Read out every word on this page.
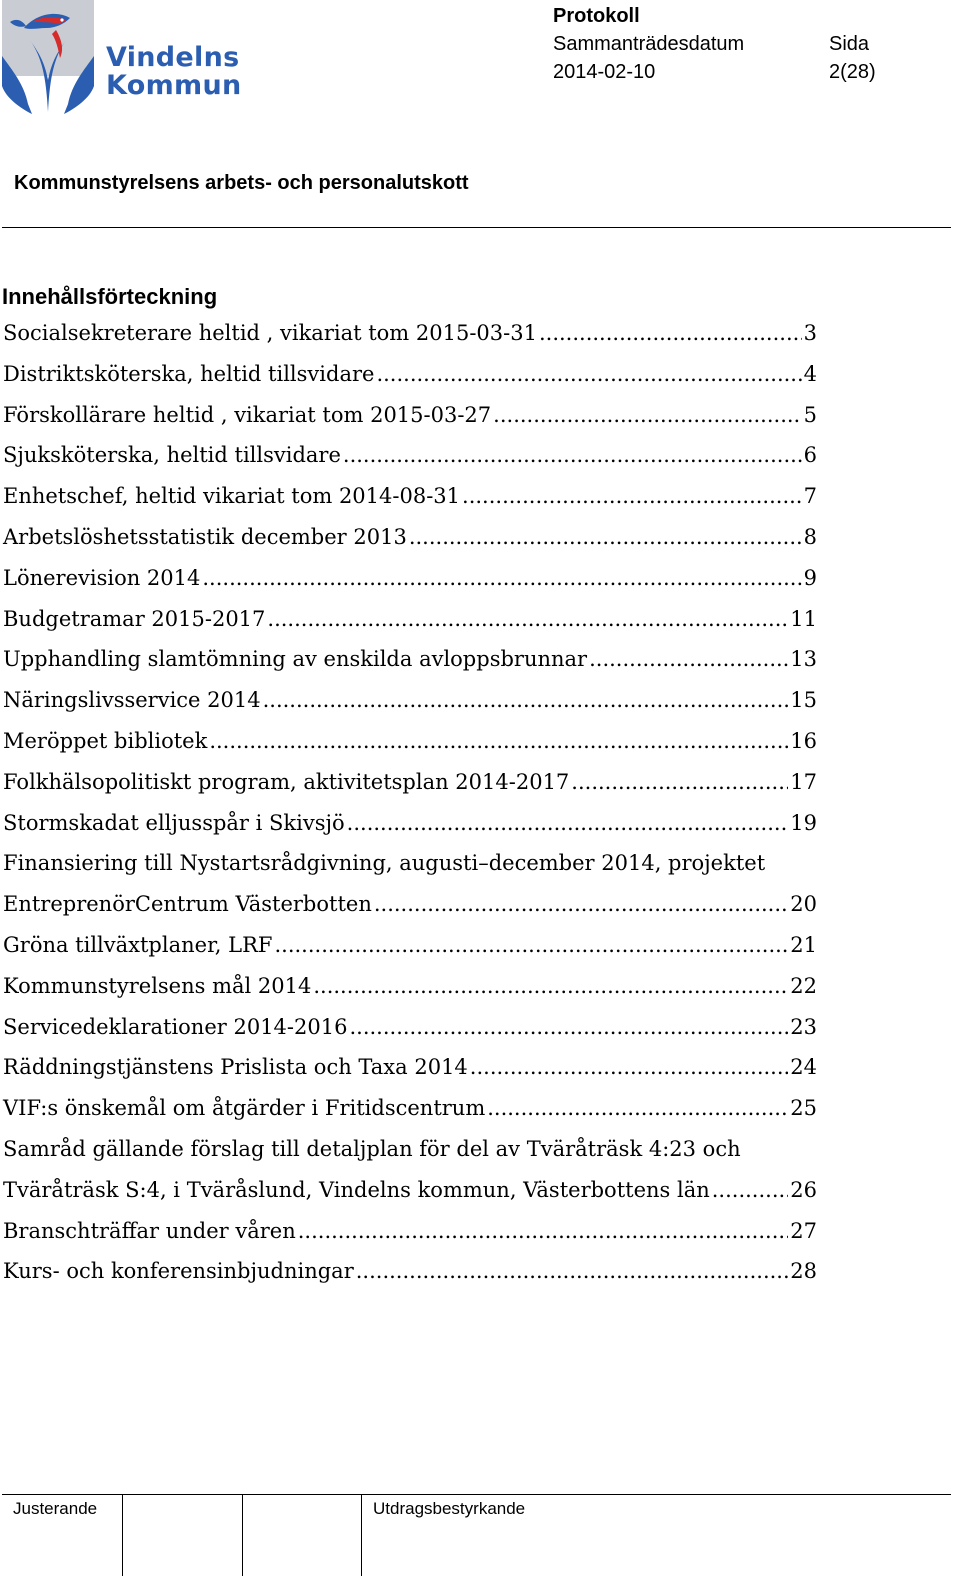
Vindelns
Kommun
Protokoll
Sammanträdesdatum	Sida
2014-02-10	2(28)
Kommunstyrelsens arbets- och personalutskott
Innehållsförteckning
Socialsekreterare heltid , vikariat tom 2015-03-31 .....	3
Distriktsköterska, heltid tillsvidare .....	4
Förskollärare heltid , vikariat tom 2015-03-27 .....	5
Sjuksköterska, heltid tillsvidare .....	6
Enhetschef, heltid vikariat tom 2014-08-31 .....	7
Arbetslöshetsstatistik december 2013 .....	8
Lönerevision 2014 .....	9
Budgetramar 2015-2017 .....	11
Upphandling slamtömning av enskilda avloppsbrunnar .....	13
Näringslivsservice 2014 .....	15
Meröppet bibliotek .....	16
Folkhälsopolitiskt program, aktivitetsplan 2014-2017 .....	17
Stormskadat elljusspår i Skivsjö .....	19
Finansiering till Nystartsrådgivning, augusti–december 2014, projektet
EntreprenörCentrum Västerbotten .....	20
Gröna tillväxtplaner, LRF .....	21
Kommunstyrelsens mål 2014 .....	22
Servicedeklarationer 2014-2016 .....	23
Räddningstjänstens Prislista och Taxa 2014 .....	24
VIF:s önskemål om åtgärder i Fritidscentrum .....	25
Samråd gällande förslag till detaljplan för del av Tväråträsk 4:23 och
Tväråträsk S:4, i Tväråslund, Vindelns kommun, Västerbottens län .....	26
Branschträffar under våren .....	27
Kurs- och konferensinbjudningar .....	28
Justerande	Utdragsbestyrkande
